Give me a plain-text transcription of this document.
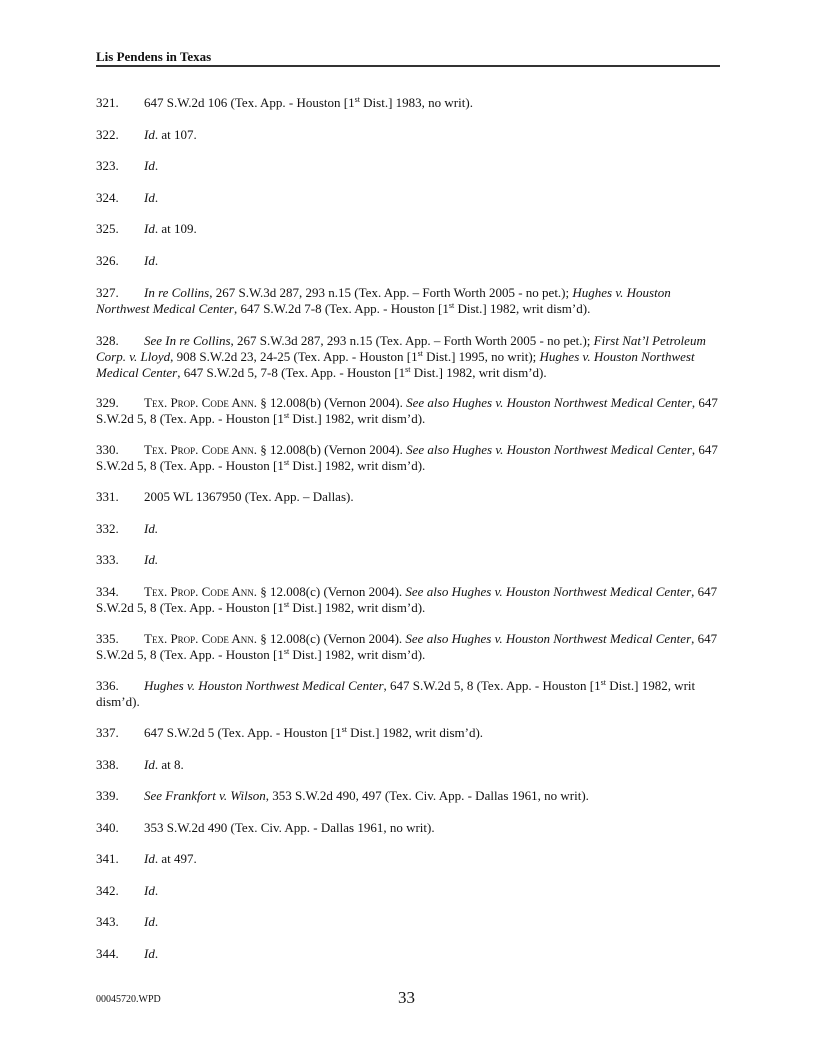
Lis Pendens in Texas

321. 647 S.W.2d 106 (Tex. App. - Houston [1st Dist.] 1983, no writ).

322. Id. at 107.

323. Id.

324. Id.

325. Id. at 109.

326. Id.

327. In re Collins, 267 S.W.3d 287, 293 n.15 (Tex. App. – Forth Worth 2005 - no pet.); Hughes v. Houston Northwest Medical Center, 647 S.W.2d 7-8 (Tex. App. - Houston [1st Dist.] 1982, writ dism’d).

328. See In re Collins, 267 S.W.3d 287, 293 n.15 (Tex. App. – Forth Worth 2005 - no pet.); First Nat’l Petroleum Corp. v. Lloyd, 908 S.W.2d 23, 24-25 (Tex. App. - Houston [1st Dist.] 1995, no writ); Hughes v. Houston Northwest Medical Center, 647 S.W.2d 5, 7-8 (Tex. App. - Houston [1st Dist.] 1982, writ dism’d).

329. Tex. Prop. Code Ann. § 12.008(b) (Vernon 2004). See also Hughes v. Houston Northwest Medical Center, 647 S.W.2d 5, 8 (Tex. App. - Houston [1st Dist.] 1982, writ dism’d).

330. Tex. Prop. Code Ann. § 12.008(b) (Vernon 2004). See also Hughes v. Houston Northwest Medical Center, 647 S.W.2d 5, 8 (Tex. App. - Houston [1st Dist.] 1982, writ dism’d).

331. 2005 WL 1367950 (Tex. App. – Dallas).

332. Id.

333. Id.

334. Tex. Prop. Code Ann. § 12.008(c) (Vernon 2004). See also Hughes v. Houston Northwest Medical Center, 647 S.W.2d 5, 8 (Tex. App. - Houston [1st Dist.] 1982, writ dism’d).

335. Tex. Prop. Code Ann. § 12.008(c) (Vernon 2004). See also Hughes v. Houston Northwest Medical Center, 647 S.W.2d 5, 8 (Tex. App. - Houston [1st Dist.] 1982, writ dism’d).

336. Hughes v. Houston Northwest Medical Center, 647 S.W.2d 5, 8 (Tex. App. - Houston [1st Dist.] 1982, writ dism’d).

337. 647 S.W.2d 5 (Tex. App. - Houston [1st Dist.] 1982, writ dism’d).

338. Id. at 8.

339. See Frankfort v. Wilson, 353 S.W.2d 490, 497 (Tex. Civ. App. - Dallas 1961, no writ).

340. 353 S.W.2d 490 (Tex. Civ. App. - Dallas 1961, no writ).

341. Id. at 497.

342. Id.

343. Id.

344. Id.

00045720.WPD	33
